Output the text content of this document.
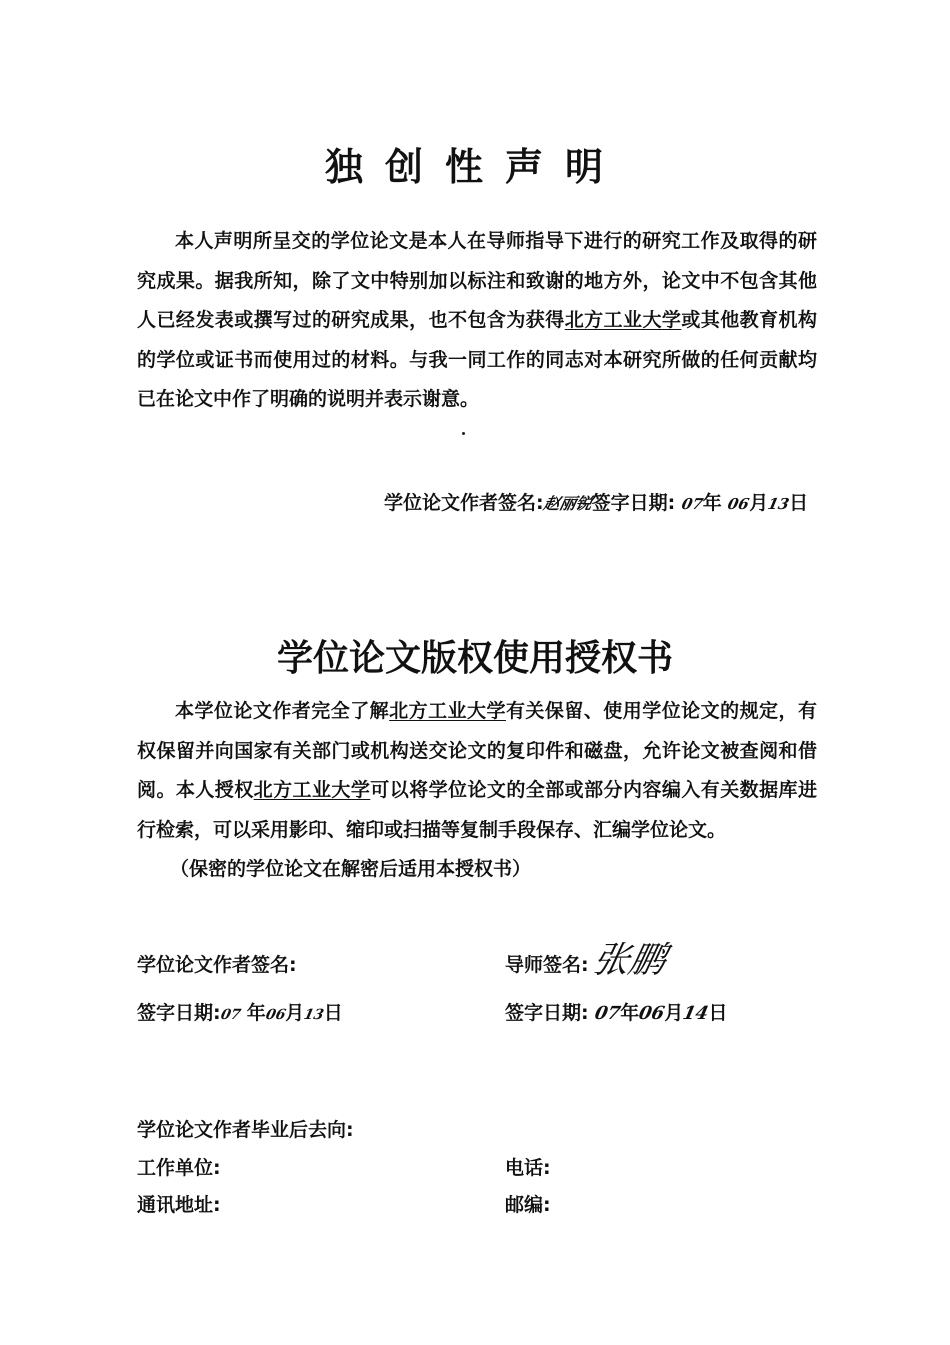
独创性声明
本人声明所呈交的学位论文是本人在导师指导下进行的研究工作及取得的研究成果。据我所知，除了文中特别加以标注和致谢的地方外，论文中不包含其他人已经发表或撰写过的研究成果，也不包含为获得北方工业大学或其他教育机构的学位或证书而使用过的材料。与我一同工作的同志对本研究所做的任何贡献均已在论文中作了明确的说明并表示谢意。
学位论文作者签名:赵丽锐签字日期: 07年 06月13日
学位论文版权使用授权书
本学位论文作者完全了解北方工业大学有关保留、使用学位论文的规定，有权保留并向国家有关部门或机构送交论文的复印件和磁盘，允许论文被查阅和借阅。本人授权北方工业大学可以将学位论文的全部或部分内容编入有关数据库进行检索，可以采用影印、缩印或扫描等复制手段保存、汇编学位论文。
（保密的学位论文在解密后适用本授权书）
学位论文作者签名:	导师签名: 张鹏
签字日期:07 年06月13日	签字日期: 07年06月14日
学位论文作者毕业后去向:
工作单位:	电话:
通讯地址:	邮编:
